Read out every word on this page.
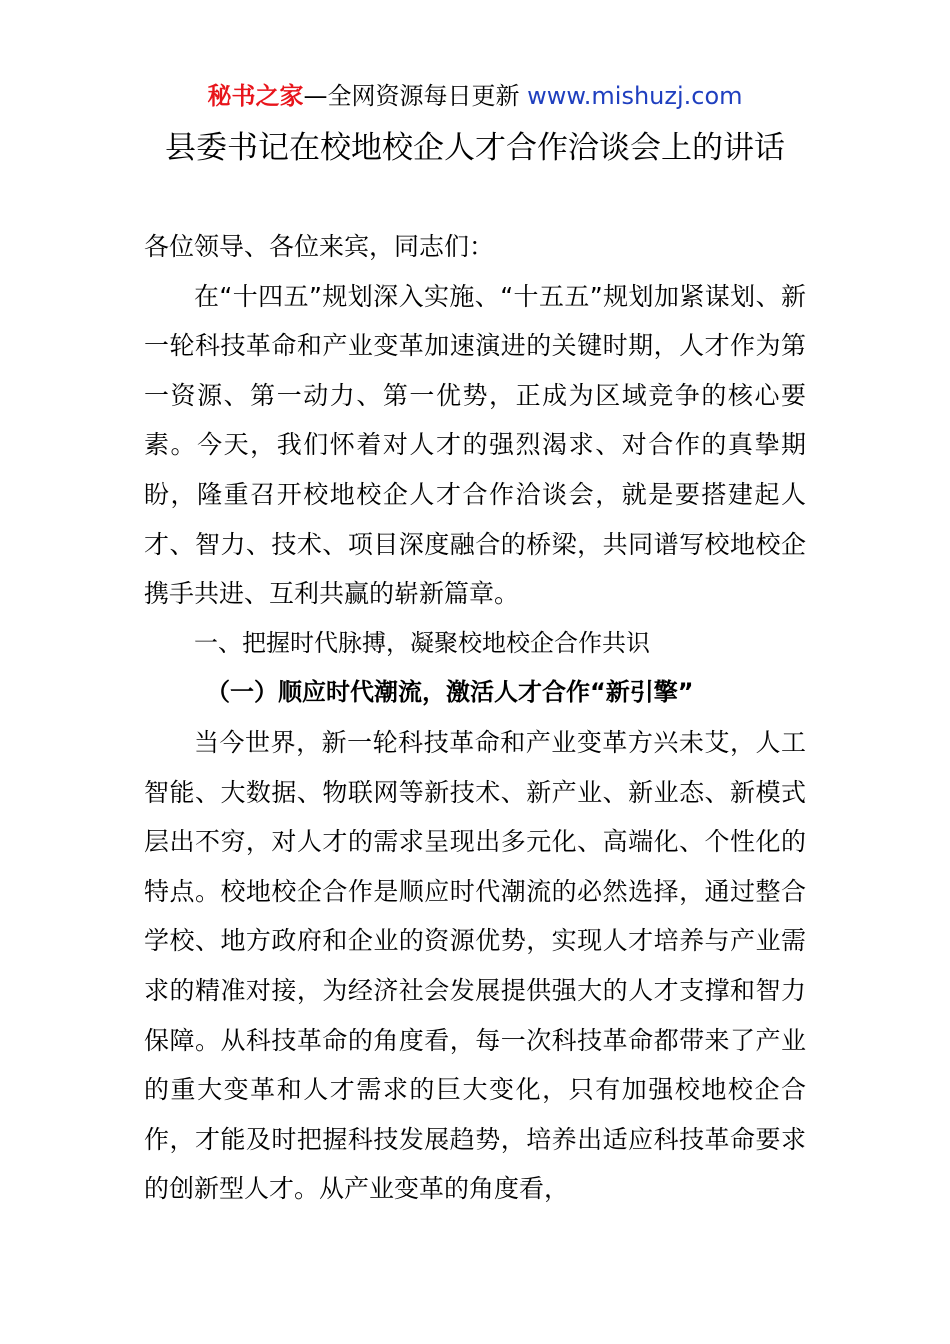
秘书之家—全网资源每日更新 www.mishuzj.com
县委书记在校地校企人才合作洽谈会上的讲话

各位领导、各位来宾，同志们：

在“十四五”规划深入实施、“十五五”规划加紧谋划、新一轮科技革命和产业变革加速演进的关键时期，人才作为第一资源、第一动力、第一优势，正成为区域竞争的核心要素。今天，我们怀着对人才的强烈渴求、对合作的真挚期盼，隆重召开校地校企人才合作洽谈会，就是要搭建起人才、智力、技术、项目深度融合的桥梁，共同谱写校地校企携手共进、互利共赢的崭新篇章。

一、把握时代脉搏，凝聚校地校企合作共识

（一）顺应时代潮流，激活人才合作“新引擎”

当今世界，新一轮科技革命和产业变革方兴未艾，人工智能、大数据、物联网等新技术、新产业、新业态、新模式层出不穷，对人才的需求呈现出多元化、高端化、个性化的特点。校地校企合作是顺应时代潮流的必然选择，通过整合学校、地方政府和企业的资源优势，实现人才培养与产业需求的精准对接，为经济社会发展提供强大的人才支撑和智力保障。从科技革命的角度看，每一次科技革命都带来了产业的重大变革和人才需求的巨大变化，只有加强校地校企合作，才能及时把握科技发展趋势，培养出适应科技革命要求的创新型人才。从产业变革的角度看，
